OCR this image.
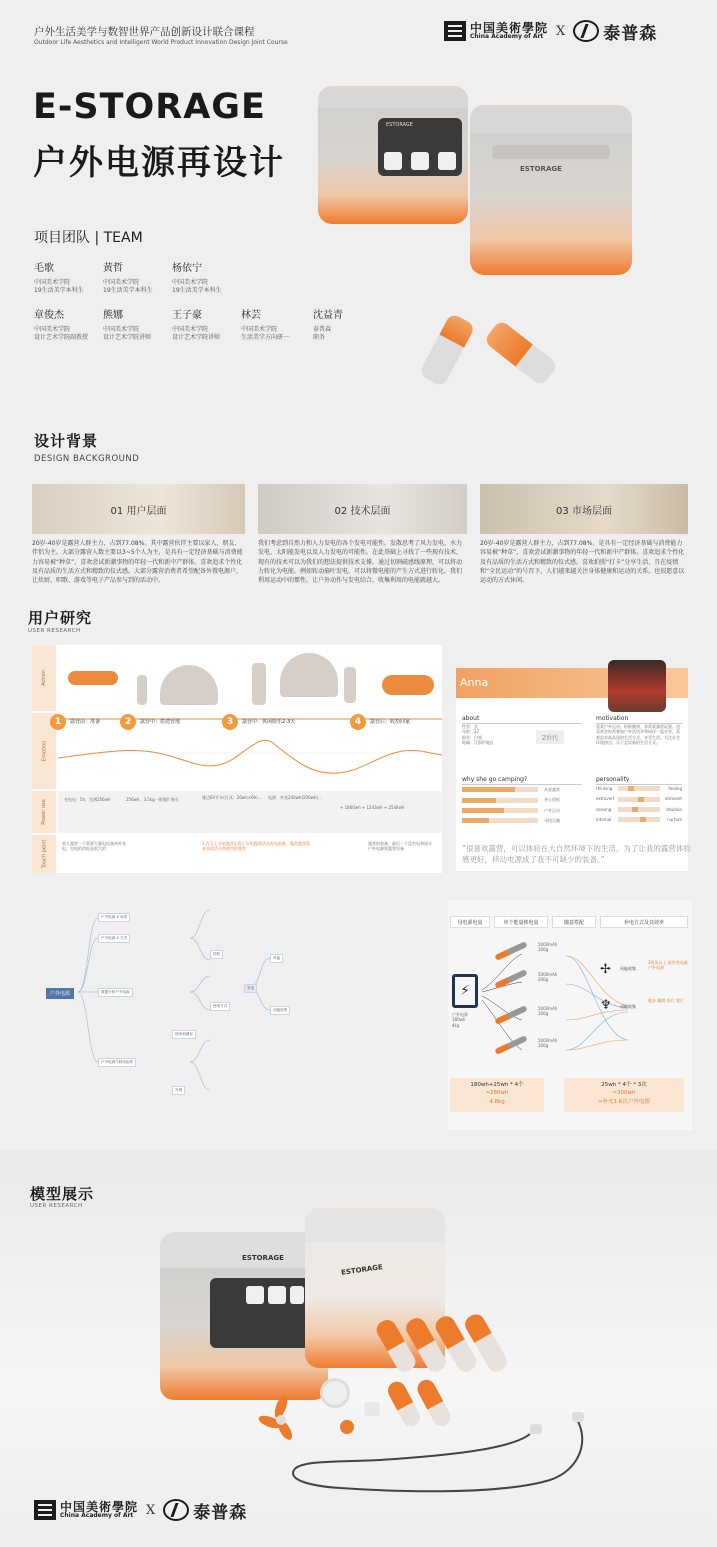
户外生活美学与数智世界产品创新设计联合课程
Outdoor Life Aesthetics and Intelligent World Product Innovation Design Joint Course
中国美術學院
China Academy of Art X 泰普森
E-STORAGE
户外电源再设计
ESTORAGE
ESTORAGE
项目团队 | TEAM
毛歌
中国美术学院
19生活美学本科生
黄哲
中国美术学院
19生活美学本科生
杨依宁
中国美术学院
19生活美学本科生
章俊杰
中国美术学院
设计艺术学院副教授
熊娜
中国美术学院
设计艺术学院讲师
王子豪
中国美术学院
设计艺术学院讲师
林芸
中国美术学院
生活美学方向研一
沈益青
泰普森
职务
设计背景
DESIGN BACKGROUND
01 用户层面	02 技术层面	03 市场层面
20岁-40岁是露营人群主力，占到77.08%。其中露营伙伴主要以家人、朋友、伴侣为主。大部分露营人数主要以3~5个人为主，是具有一定经济基础与消费能力容易被“种草”，喜欢尝试新潮事物的年轻一代和新中产群体。喜欢追求个性化及有品质的生活方式和精致的仪式感。大部分露营消费者希望配备外置电源户，让炊厨、唱歌、游戏等电子产品参与到的活动中。
我们考虑到自然力和人力发电的各个发电可能性。发散思考了风力发电、水力发电、太阳能发电以及人力发电的可能性。在此基础上寻找了一些现有技术，现有的技术可以为我们的想法提供技术支撑。通过切割磁感线原理，可以将动力转化为电能。例如转动扇叶发电，可以将微电能的产生方式进行转化。我们利用运动中的惯性，让户外动作与发电结合，收集利用的电能就越大。
20岁-40岁是露营人群主力，占到77.08%。是具有一定经济基础与消费能力容易被“种草”，喜欢尝试新潮事物的年轻一代和新中产群体。喜欢追求个性化及有品质的生活方式和精致的仪式感。喜欢拍照“打卡”分享生活，且在疫情和“全民运动”的号召下，人们越来越关注身体健康和运动的关系。也很愿意以运动的方式休闲。
用户研究
USER RESEARCH
Action
Emotion
Power use
Touch point
1 露营前：准备	2 露营中：搭建营地	3 露营中：休闲娱乐2-3天	4 露营后：收拾回家
充电电：5h，完满256wh	256wh，3.5kg一般爆扩展水	雅迈6V开车(灯具：20wh×6h)…	电源：补充240wh(200wh)…
+ 1800wh + 1243wh + 2544wh
第人露营一个需要大量电设备冲补充电，对电的消耗是很大的
1.在天上开始露营出现了好的露营活动充电困难，露营露营需要高质活动和使用的露营
露营的装备，最后一个没有电和部分户外电源装露营设备
Anna
about
性别：女
年龄：27
职业：白领
地域：江浙沪地区
Z世代
why she go camping?
从容露营
身心放松
户外运动
寻找乐趣
motivation
喜爱户外运动，积极健康，非常爱露营玩耍。也喜欢会时常参加户外活动并和同伴一起分享，喜欢追求高品质的生活方式，享受生活，关注社会环境热点，乐于尝试新的生活方式。
personality
thinking	feeling
extrovert	introvert
sensing	intuition
internal	nurture
“很喜欢露营，可以体验在大自然环境下的生活，为了让我的露营体验感更好，移动电源成了我不可缺少的装备。”
户外电源
户外电源 X 场景
户外电源 X 方式
数据分析户外电源
户外电源与移动组织
使用和储存
外观
结构
使用方式
发电
风能
动能收集
母电源电量	单个能量棒电量	随意搭配	补电方式及其效率
⚡
户外电源
180wh
4kg
5000mAh
200g
5000mAh
200g
5000mAh
200g
5000mAh
200g
✢ 风能收集
3级风以上 最快充电量 户外电源
♆ 动能收集
跑步 蹦跳 骑行 爬行
180wh+25wh * 4个
≈280wh
4.8kg
25wh * 4个 * 3次
≈300wh
≈补充1.6次户外电源
模型展示
USER RESEARCH
ESTORAGE
ESTORAGE
中国美術學院
China Academy of Art X 泰普森
